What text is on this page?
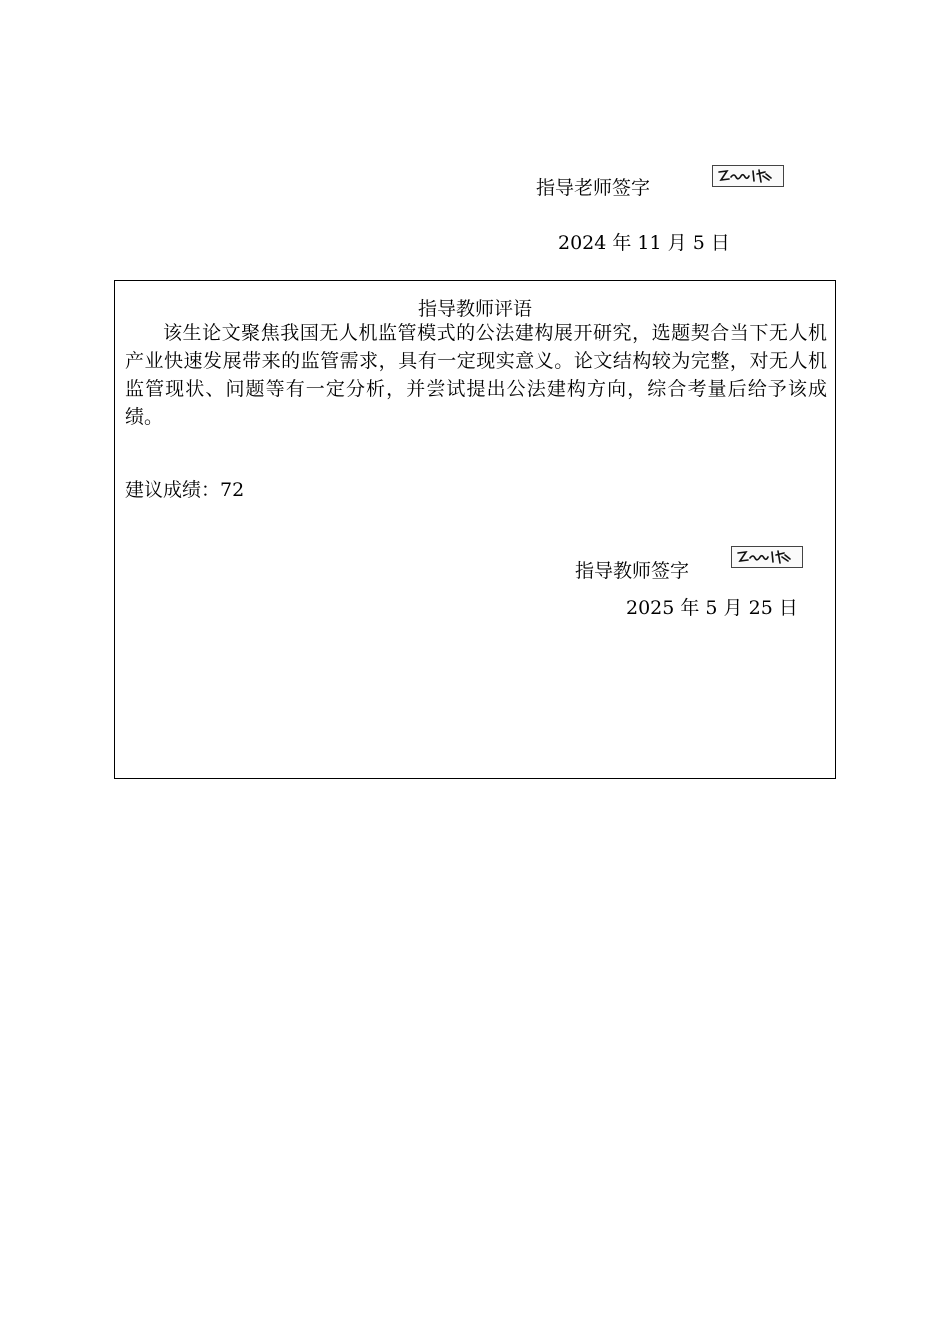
指导老师签字
2024 年 11 月 5 日
指导教师评语
该生论文聚焦我国无人机监管模式的公法建构展开研究，选题契合当下无人机产业快速发展带来的监管需求，具有一定现实意义。论文结构较为完整，对无人机监管现状、问题等有一定分析，并尝试提出公法建构方向，综合考量后给予该成绩。
建议成绩：72
指导教师签字
2025 年 5 月 25 日
